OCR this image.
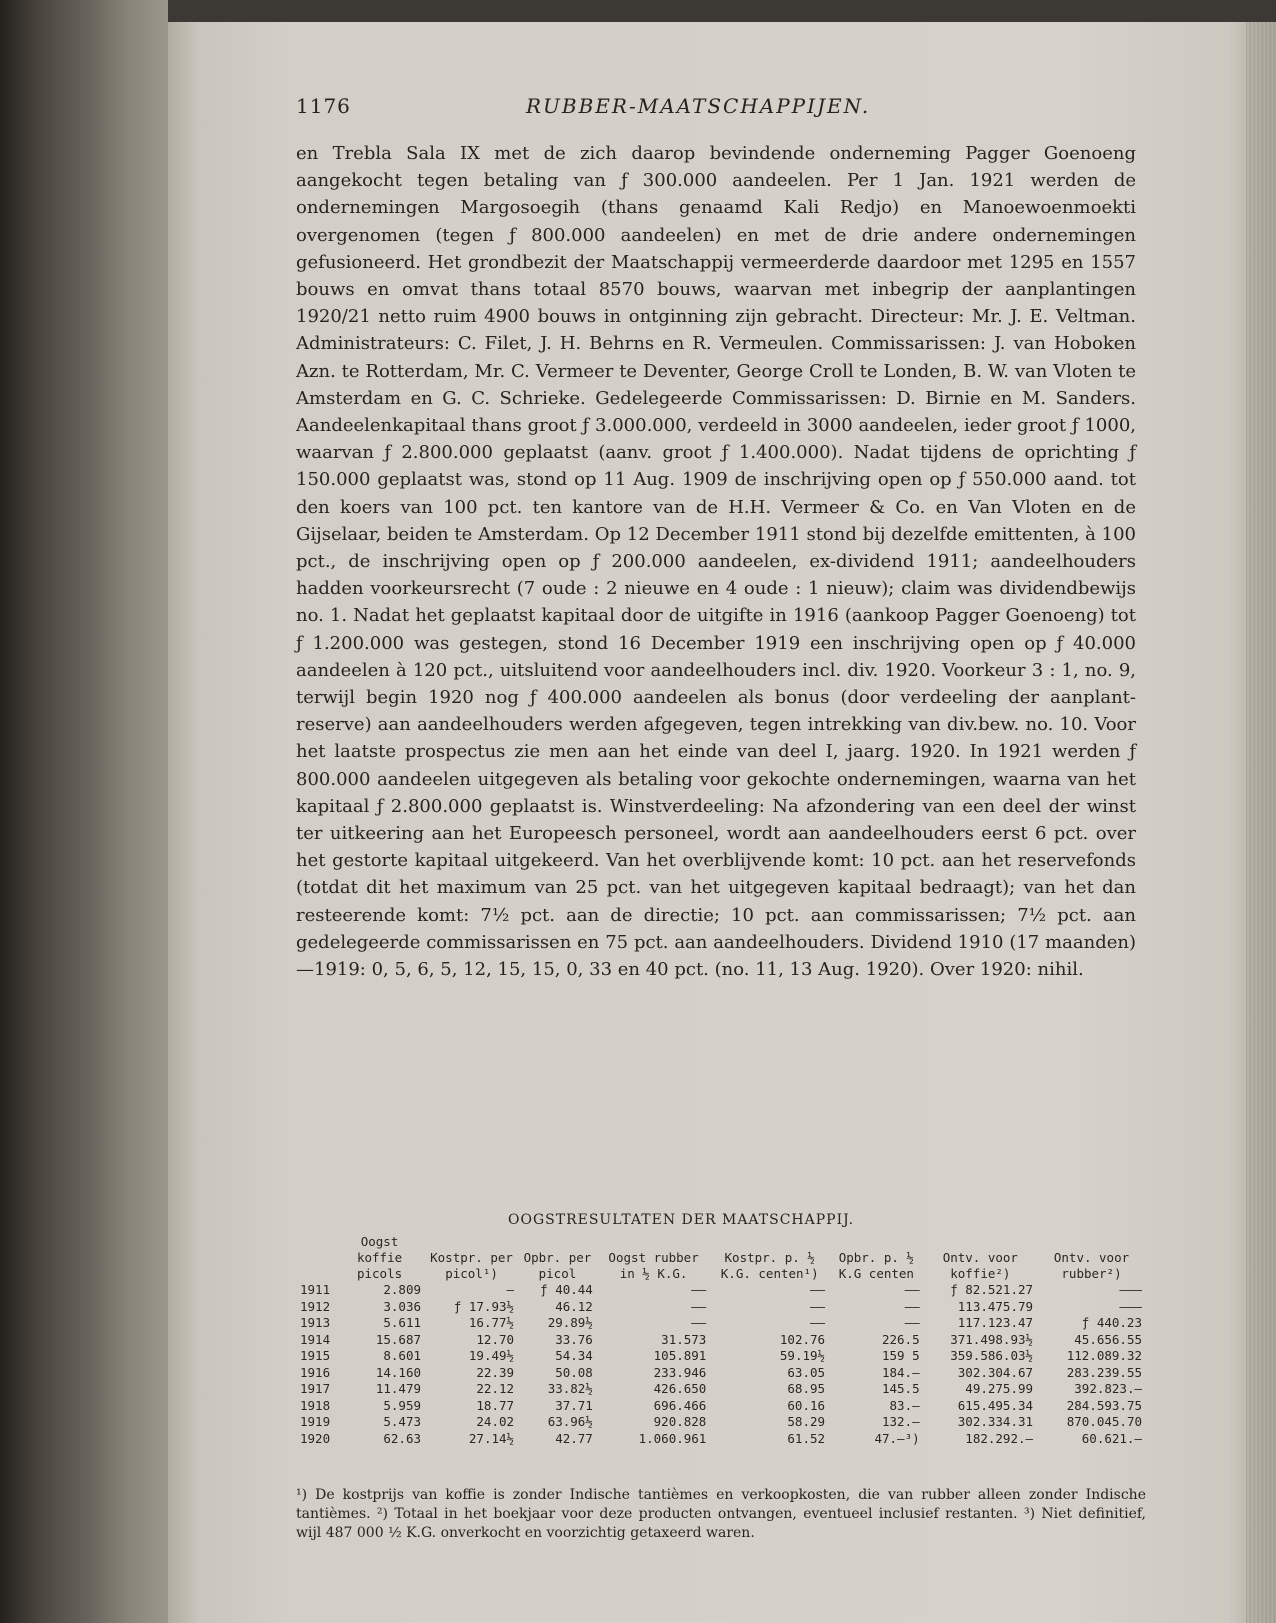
1176	RUBBER-MAATSCHAPPIJEN.

en Trebla Sala IX met de zich daarop bevindende onderneming Pagger Goenoeng aangekocht tegen betaling van ƒ 300.000 aandeelen. Per 1 Jan. 1921 werden de ondernemingen Margosoegih (thans genaamd Kali Redjo) en Manoewoenmoekti overgenomen (tegen ƒ 800.000 aandeelen) en met de drie andere ondernemingen gefusioneerd. Het grondbezit der Maatschappij vermeerderde daardoor met 1295 en 1557 bouws en omvat thans totaal 8570 bouws, waarvan met inbegrip der aanplantingen 1920/21 netto ruim 4900 bouws in ontginning zijn gebracht. Directeur: Mr. J. E. Veltman. Administrateurs: C. Filet, J. H. Behrns en R. Vermeulen. Commissarissen: J. van Hoboken Azn. te Rotterdam, Mr. C. Vermeer te Deventer, George Croll te Londen, B. W. van Vloten te Amsterdam en G. C. Schrieke. Gedelegeerde Commissarissen: D. Birnie en M. Sanders. Aandeelenkapitaal thans groot ƒ 3.000.000, verdeeld in 3000 aandeelen, ieder groot ƒ 1000, waarvan ƒ 2.800.000 geplaatst (aanv. groot ƒ 1.400.000). Nadat tijdens de oprichting ƒ 150.000 geplaatst was, stond op 11 Aug. 1909 de inschrijving open op ƒ 550.000 aand. tot den koers van 100 pct. ten kantore van de H.H. Vermeer & Co. en Van Vloten en de Gijselaar, beiden te Amsterdam. Op 12 December 1911 stond bij dezelfde emittenten, à 100 pct., de inschrijving open op ƒ 200.000 aandeelen, ex-dividend 1911; aandeelhouders hadden voorkeursrecht (7 oude : 2 nieuwe en 4 oude : 1 nieuw); claim was dividendbewijs no. 1. Nadat het geplaatst kapitaal door de uitgifte in 1916 (aankoop Pagger Goenoeng) tot ƒ 1.200.000 was gestegen, stond 16 December 1919 een inschrijving open op ƒ 40.000 aandeelen à 120 pct., uitsluitend voor aandeelhouders incl. div. 1920. Voorkeur 3 : 1, no. 9, terwijl begin 1920 nog ƒ 400.000 aandeelen als bonus (door verdeeling der aanplant-reserve) aan aandeelhouders werden afgegeven, tegen intrekking van div.bew. no. 10. Voor het laatste prospectus zie men aan het einde van deel I, jaarg. 1920. In 1921 werden ƒ 800.000 aandeelen uitgegeven als betaling voor gekochte ondernemingen, waarna van het kapitaal ƒ 2.800.000 geplaatst is. Winstverdeeling: Na afzondering van een deel der winst ter uitkeering aan het Europeesch personeel, wordt aan aandeelhouders eerst 6 pct. over het gestorte kapitaal uitgekeerd. Van het overblijvende komt: 10 pct. aan het reservefonds (totdat dit het maximum van 25 pct. van het uitgegeven kapitaal bedraagt); van het dan resteerende komt: 7½ pct. aan de directie; 10 pct. aan commissarissen; 7½ pct. aan gedelegeerde commissarissen en 75 pct. aan aandeelhouders. Dividend 1910 (17 maanden)—1919: 0, 5, 6, 5, 12, 15, 15, 0, 33 en 40 pct. (no. 11, 13 Aug. 1920). Over 1920: nihil.

OOGSTRESULTATEN DER MAATSCHAPPIJ.
	Oogst koffie picols	Kostpr. per picol¹)	Opbr. per picol	Oogst rubber in ½ K.G.	Kostpr. p. ½ K.G. centen¹)	Opbr. p. ½ K.G centen	Ontv. voor koffie²)	Ontv. voor rubber²)
1911	2.809	—	ƒ 40.44	——	——	——	ƒ 82.521.27	———
1912	3.036	ƒ 17.93½	46.12	——	——	——	113.475.79	———
1913	5.611	16.77½	29.89½	——	——	——	117.123.47	ƒ 440.23
1914	15.687	12.70	33.76	31.573	102.76	226.5	371.498.93½	45.656.55
1915	8.601	19.49½	54.34	105.891	59.19½	159 5	359.586.03½	112.089.32
1916	14.160	22.39	50.08	233.946	63.05	184.—	302.304.67	283.239.55
1917	11.479	22.12	33.82½	426.650	68.95	145.5	49.275.99	392.823.—
1918	5.959	18.77	37.71	696.466	60.16	83.—	615.495.34	284.593.75
1919	5.473	24.02	63.96½	920.828	58.29	132.—	302.334.31	870.045.70
1920	62.63	27.14½	42.77	1.060.961	61.52	47.—³)	182.292.—	60.621.—
¹) De kostprijs van koffie is zonder Indische tantièmes en verkoopkosten, die van rubber alleen zonder Indische tantièmes. ²) Totaal in het boekjaar voor deze producten ontvangen, eventueel inclusief restanten. ³) Niet definitief, wijl 487 000 ½ K.G. onverkocht en voorzichtig getaxeerd waren.
